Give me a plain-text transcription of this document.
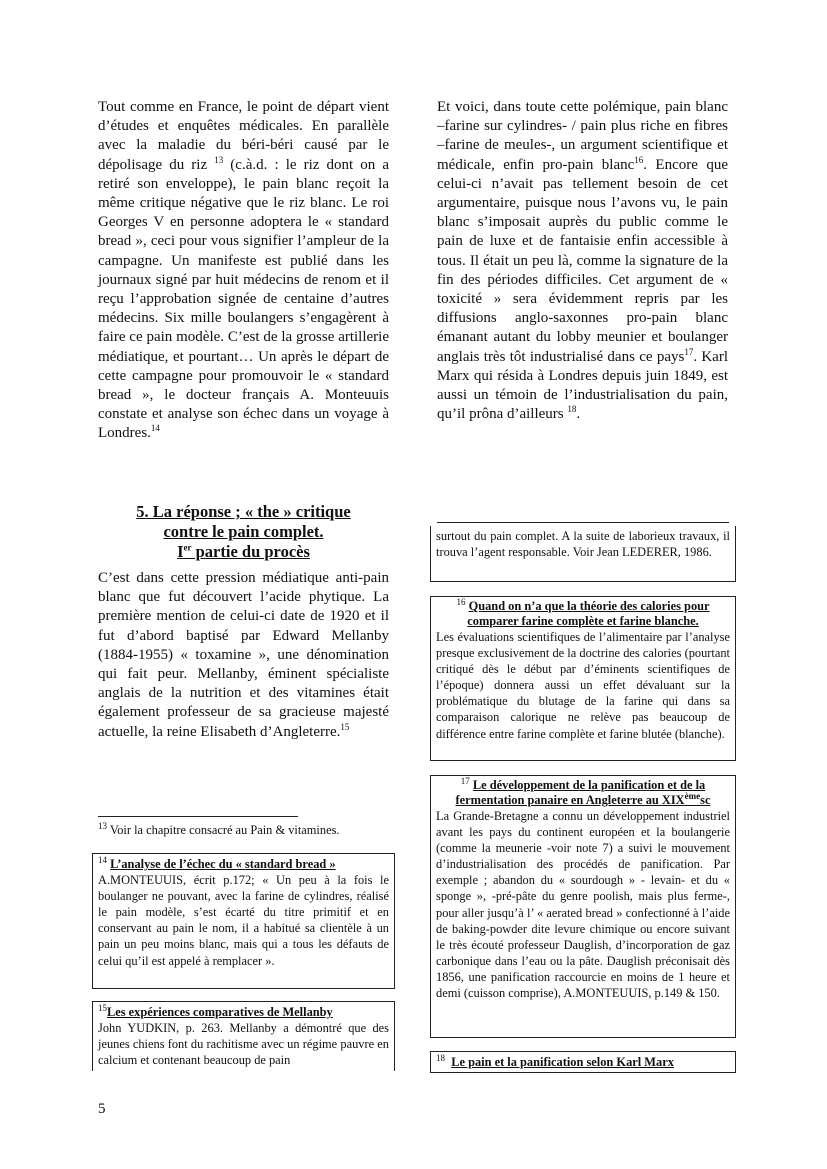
Tout comme en France, le point de départ vient d’études et enquêtes médicales. En parallèle avec la maladie du béri-béri causé par le dépolisage du riz $^{13}$ (c.à.d. : le riz dont on a retiré son enveloppe), le pain blanc reçoit la même critique négative que le riz blanc. Le roi Georges V en personne adoptera le « standard bread », ceci pour vous signifier l’ampleur de la campagne. Un manifeste est publié dans les journaux signé par huit médecins de renom et il reçu l’approbation signée de centaine d’autres médecins. Six mille boulangers s’engagèrent à faire ce pain modèle. C’est de la grosse artillerie médiatique, et pourtant… Un après le départ de cette campagne pour promouvoir le « standard bread », le docteur français A. Monteuuis constate et analyse son échec dans un voyage à Londres.$^{14}$

5. La réponse ; « the » critique

contre le pain complet.

Ier partie du procès

C’est dans cette pression médiatique anti-pain blanc que fut découvert l’acide phytique. La première mention de celui-ci date de 1920 et il fut d’abord baptisé par Edward Mellanby (1884-1955) « toxamine », une dénomination qui fait peur. Mellanby, éminent spécialiste anglais de la nutrition et des vitamines était également professeur de sa gracieuse majesté actuelle, la reine Elisabeth d’Angleterre.$^{15}$

Et voici, dans toute cette polémique, pain blanc –farine sur cylindres- / pain plus riche en fibres –farine de meules-, un argument scientifique et médicale, enfin pro-pain blanc$^{16}$. Encore que celui-ci n’avait pas tellement besoin de cet argumentaire, puisque nous l’avons vu, le pain blanc s’imposait auprès du public comme le pain de luxe et de fantaisie enfin accessible à tous. Il était un peu là, comme la signature de la fin des périodes difficiles. Cet argument de « toxicité » sera évidemment repris par les diffusions anglo-saxonnes pro-pain blanc émanant autant du lobby meunier et boulanger anglais très tôt industrialisé dans ce pays$^{17}$. Karl Marx qui résida à Londres depuis juin 1849, est aussi un témoin de l’industrialisation du pain, qu’il prôna d’ailleurs $^{18}$.

$^{13}$ Voir la chapitre consacré au Pain & vitamines.
$^{14}$ L’analyse de l’échec du « standard bread »
A.MONTEUUIS, écrit p.172; « Un peu à la fois le boulanger ne pouvant, avec la farine de cylindres, réalisé le pain modèle, s’est écarté du titre primitif et en conservant au pain le nom, il a habitué sa clientèle à un pain un peu moins blanc, mais qui a tous les défauts de celui qu’il est appelé à remplacer ».
$^{15}$Les expériences comparatives de Mellanby
John YUDKIN, p. 263. Mellanby a démontré que des jeunes chiens font du rachitisme avec un régime pauvre en calcium et contenant beaucoup de pain
surtout du pain complet. A la suite de laborieux travaux, il trouva l’agent responsable. Voir Jean LEDERER, 1986.
$^{16}$ Quand on n’a que la théorie des calories pour comparer farine complète et farine blanche.
Les évaluations scientifiques de l’alimentaire par l’analyse presque exclusivement de la doctrine des calories (pourtant critiqué dès le début par d’éminents scientifiques de l’époque) donnera aussi un effet dévaluant sur la problématique du blutage de la farine qui dans sa comparaison calorique ne relève pas beaucoup de différence entre farine complète et farine blutée (blanche).
$^{17}$ Le développement de la panification et de la fermentation panaire en Angleterre au XIXèmesc
La Grande-Bretagne a connu un développement industriel avant les pays du continent européen et la boulangerie (comme la meunerie -voir note 7) a suivi le mouvement d’industrialisation des procédés de panification. Par exemple ; abandon du « sourdough » - levain- et du « sponge », -pré-pâte du genre poolish, mais plus ferme-, pour aller jusqu’à l’ « aerated bread » confectionné à l’aide de baking-powder dite levure chimique ou encore suivant le très écouté professeur Dauglish, d’incorporation de gaz carbonique dans l’eau ou la pâte. Dauglish préconisait dès 1856, une panification raccourcie en moins de 1 heure et demi (cuisson comprise), A.MONTEUUIS, p.149 & 150.
$^{18}$ Le pain et la panification selon Karl Marx
5
